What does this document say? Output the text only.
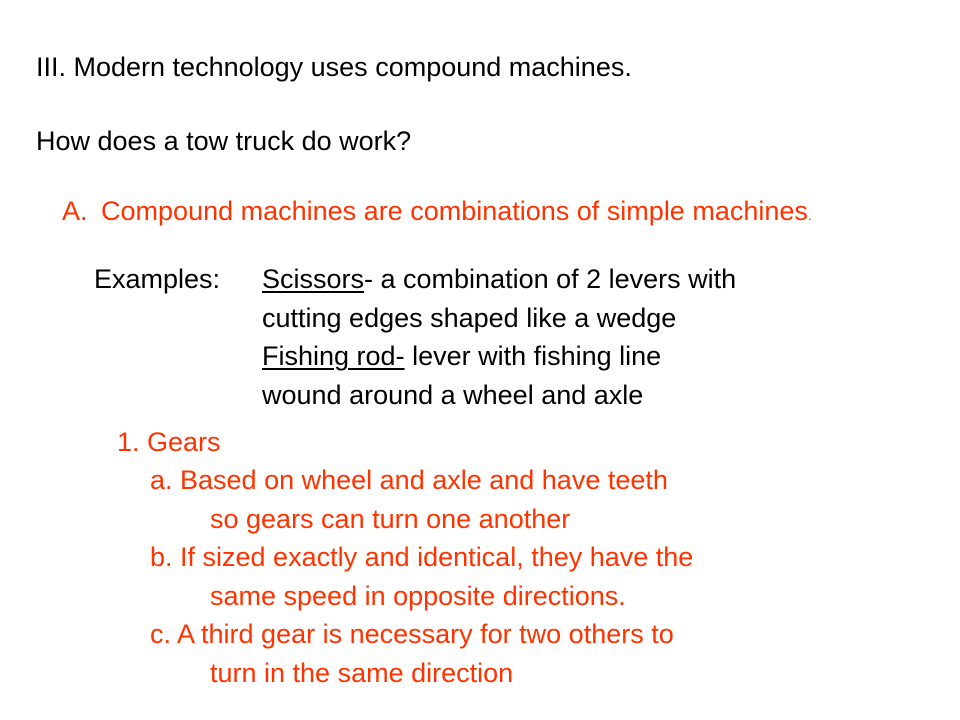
III. Modern technology uses compound machines.

How does a tow truck do work?

A. Compound machines are combinations of simple machines.

Examples: Scissors- a combination of 2 levers with

cutting edges shaped like a wedge

Fishing rod- lever with fishing line

wound around a wheel and axle

1. Gears

a. Based on wheel and axle and have teeth

so gears can turn one another

b. If sized exactly and identical, they have the

same speed in opposite directions.

c. A third gear is necessary for two others to

turn in the same direction
